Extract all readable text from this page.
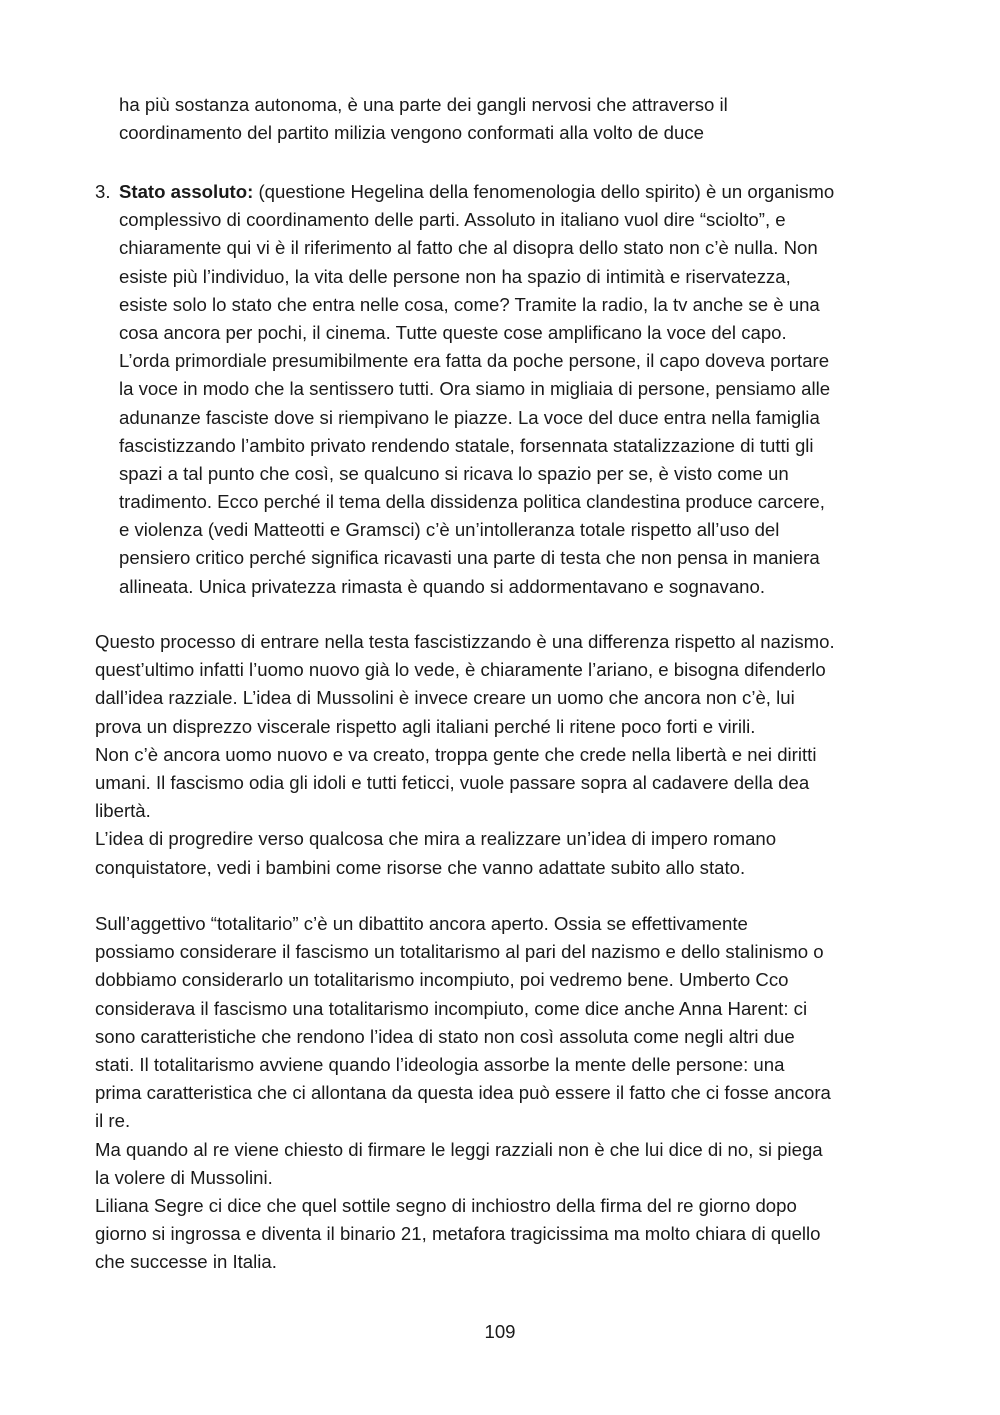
ha più sostanza autonoma, è una parte dei gangli nervosi che attraverso il
coordinamento del partito milizia vengono conformati alla volto de duce
3. Stato assoluto: (questione Hegelina della fenomenologia dello spirito) è un organismo
complessivo di coordinamento delle parti. Assoluto in italiano vuol dire “sciolto”, e
chiaramente qui vi è il riferimento al fatto che al disopra dello stato non c’è nulla. Non
esiste più l’individuo, la vita delle persone non ha spazio di intimità e riservatezza,
esiste solo lo stato che entra nelle cosa, come? Tramite la radio, la tv anche se è una
cosa ancora per pochi, il cinema. Tutte queste cose amplificano la voce del capo.
L’orda primordiale presumibilmente era fatta da poche persone, il capo doveva portare
la voce in modo che la sentissero tutti. Ora siamo in migliaia di persone, pensiamo alle
adunanze fasciste dove si riempivano le piazze. La voce del duce entra nella famiglia
fascistizzando l’ambito privato rendendo statale, forsennata statalizzazione di tutti gli
spazi a tal punto che così, se qualcuno si ricava lo spazio per se, è visto come un
tradimento. Ecco perché il tema della dissidenza politica clandestina produce carcere,
e violenza (vedi Matteotti e Gramsci) c’è un’intolleranza totale rispetto all’uso del
pensiero critico perché significa ricavasti una parte di testa che non pensa in maniera
allineata. Unica privatezza rimasta è quando si addormentavano e sognavano.
Questo processo di entrare nella testa fascistizzando è una differenza rispetto al nazismo.
quest’ultimo infatti l’uomo nuovo già lo vede, è chiaramente l’ariano, e bisogna difenderlo
dall’idea razziale. L’idea di Mussolini è invece creare un uomo che ancora non c’è, lui
prova un disprezzo viscerale rispetto agli italiani perché li ritene poco forti e virili.
Non c’è ancora uomo nuovo e va creato, troppa gente che crede nella libertà e nei diritti
umani. Il fascismo odia gli idoli e tutti feticci, vuole passare sopra al cadavere della dea
libertà.
L’idea di progredire verso qualcosa che mira a realizzare un’idea di impero romano
conquistatore, vedi i bambini come risorse che vanno adattate subito allo stato.
Sull’aggettivo “totalitario” c’è un dibattito ancora aperto. Ossia se effettivamente
possiamo considerare il fascismo un totalitarismo al pari del nazismo e dello stalinismo o
dobbiamo considerarlo un totalitarismo incompiuto, poi vedremo bene. Umberto Cco
considerava il fascismo una totalitarismo incompiuto, come dice anche Anna Harent: ci
sono caratteristiche che rendono l’idea di stato non così assoluta come negli altri due
stati. Il totalitarismo avviene quando l’ideologia assorbe la mente delle persone: una
prima caratteristica che ci allontana da questa idea può essere il fatto che ci fosse ancora
il re.
Ma quando al re viene chiesto di firmare le leggi razziali non è che lui dice di no, si piega
la volere di Mussolini.
Liliana Segre ci dice che quel sottile segno di inchiostro della firma del re giorno dopo
giorno si ingrossa e diventa il binario 21, metafora tragicissima ma molto chiara di quello
che successe in Italia.
109
